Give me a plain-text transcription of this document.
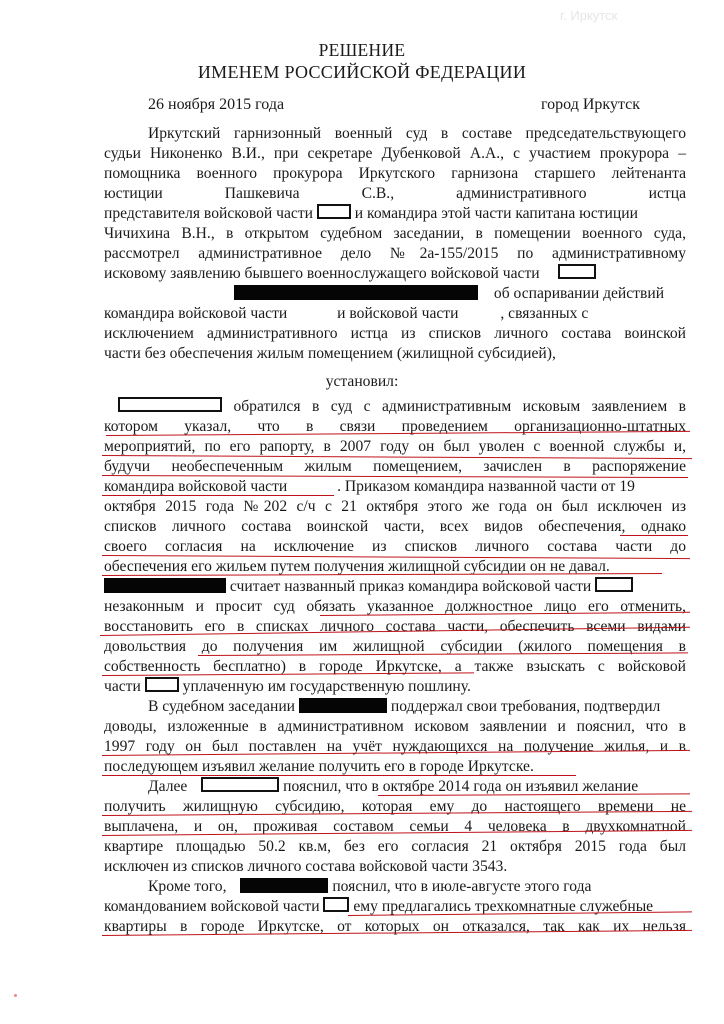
г. Иркутск
РЕШЕНИЕ
ИМЕНЕМ РОССИЙСКОЙ ФЕДЕРАЦИИ
26 ноября 2015 года	город Иркутск
Иркутский гарнизонный военный суд в составе председательствующего
судьи Никоненко В.И., при секретаре Дубенковой А.А., с участием прокурора –
помощника военного прокурора Иркутского гарнизона старшего лейтенанта
юстиции Пашкевича С.В., административного истца
представителя войсковой части	и командира этой части капитана юстиции
Чичихина В.Н., в открытом судебном заседании, в помещении военного суда,
рассмотрел административное дело №2а-155/2015 по административному
исковому заявлению бывшего военнослужащего войсковой части
об оспаривании действий
командира войсковой части	и войсковой части	, связанных с
исключением административного истца из списков личного состава воинской
части без обеспечения жилым помещением (жилищной субсидией),
установил:
обратился в суд с административным исковым заявлением в
котором указал, что в связи проведением организационно-штатных
мероприятий, по его рапорту, в 2007 году он был уволен с военной службы и,
будучи необеспеченным жилым помещением, зачислен в распоряжение
командира войсковой части	. Приказом командира названной части от 19
октября 2015 года №202 с/ч с 21 октября этого же года он был исключен из
списков личного состава воинской части, всех видов обеспечения, однако
своего согласия на исключение из списков личного состава части до
обеспечения его жильем путем получения жилищной субсидии он не давал.
считает названный приказ командира войсковой части
незаконным и просит суд обязать указанное должностное лицо его отменить,
восстановить его в списках личного состава части, обеспечить всеми видами
довольствия до получения им жилищной субсидии (жилого помещения в
собственность бесплатно) в городе Иркутске, а также взыскать с войсковой
части	уплаченную им государственную пошлину.
В судебном заседании	поддержал свои требования, подтвердил
доводы, изложенные в административном исковом заявлении и пояснил, что в
1997 году он был поставлен на учёт нуждающихся на получение жилья, и в
последующем изъявил желание получить его в городе Иркутске.
Далее	пояснил, что в октябре 2014 года он изъявил желание
получить жилищную субсидию, которая ему до настоящего времени не
выплачена, и он, проживая составом семьи 4 человека в двухкомнатной
квартире площадью 50.2 кв.м, без его согласия 21 октября 2015 года был
исключен из списков личного состава войсковой части 3543.
Кроме того,	пояснил, что в июле-августе этого года
командованием войсковой части ему предлагались трехкомнатные служебные
квартиры в городе Иркутске, от которых он отказался, так как их нельзя
